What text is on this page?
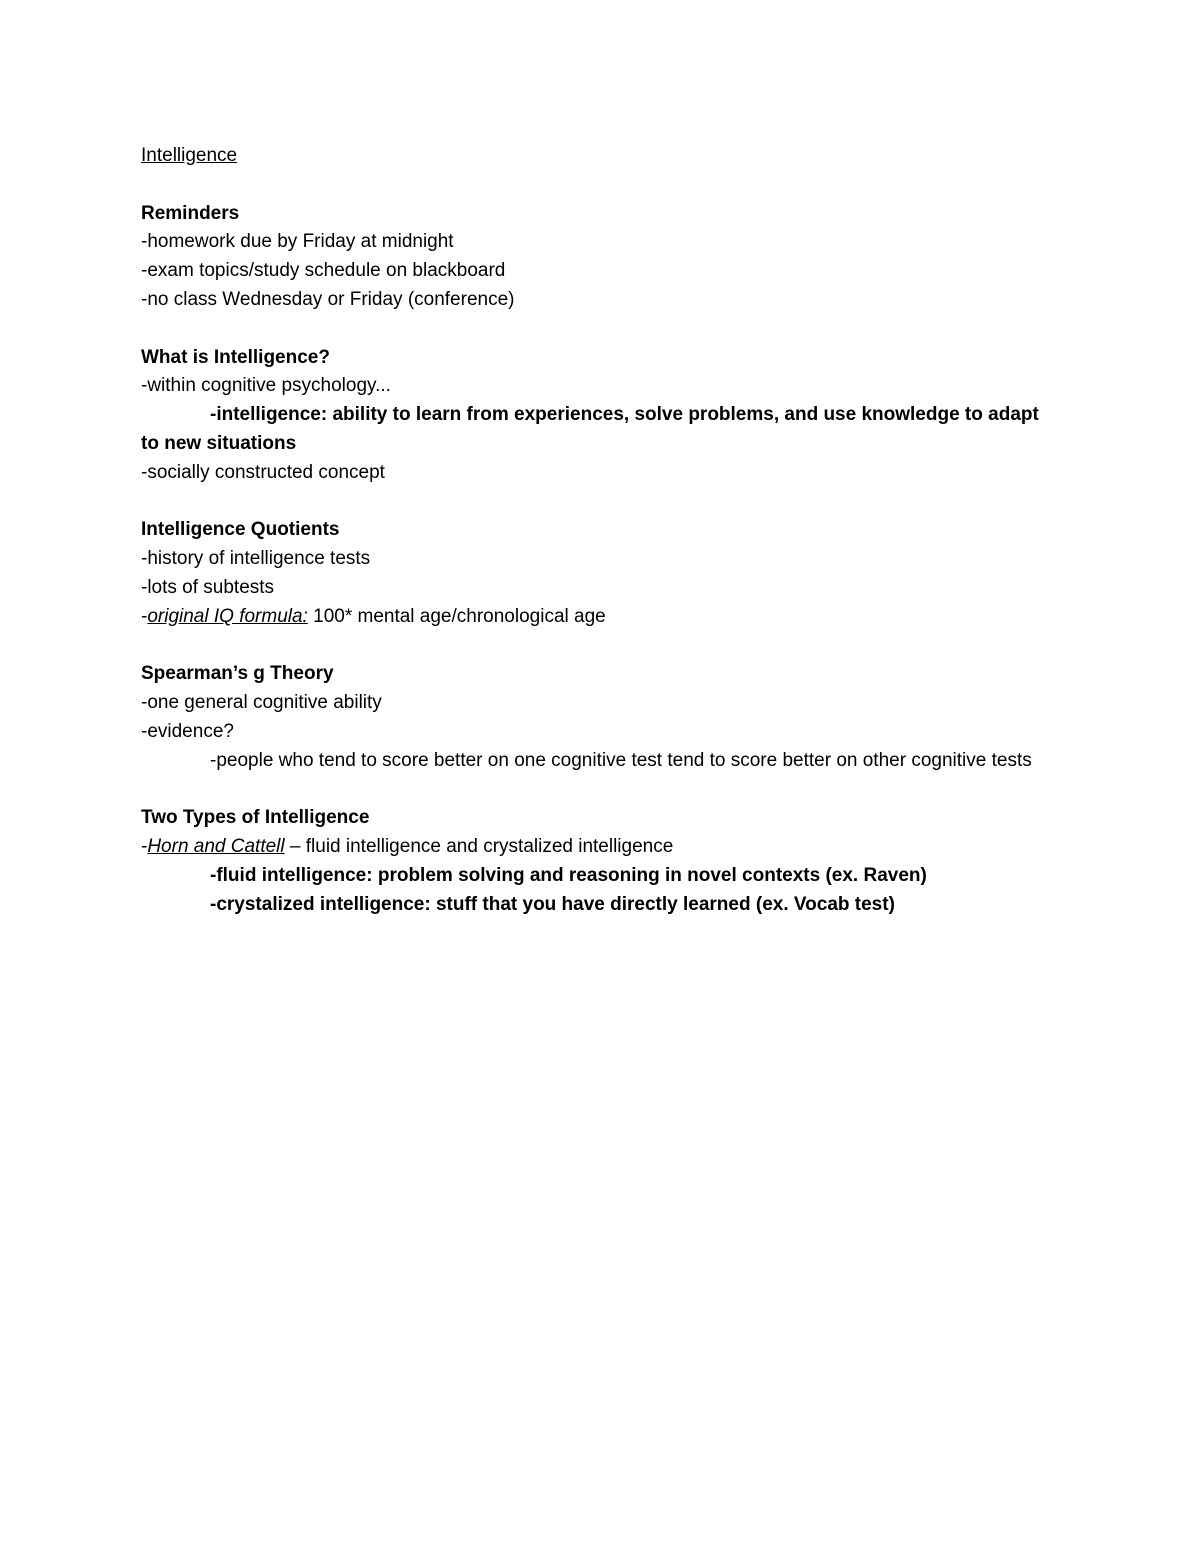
Intelligence

Reminders

-homework due by Friday at midnight

-exam topics/study schedule on blackboard

-no class Wednesday or Friday (conference)

What is Intelligence?

-within cognitive psychology...

-intelligence: ability to learn from experiences, solve problems, and use knowledge to adapt to new situations

-socially constructed concept

Intelligence Quotients

-history of intelligence tests

-lots of subtests

-original IQ formula: 100* mental age/chronological age

Spearman’s g Theory

-one general cognitive ability

-evidence?

-people who tend to score better on one cognitive test tend to score better on other cognitive tests

Two Types of Intelligence

-Horn and Cattell – fluid intelligence and crystalized intelligence

-fluid intelligence: problem solving and reasoning in novel contexts (ex. Raven)

-crystalized intelligence: stuff that you have directly learned (ex. Vocab test)
